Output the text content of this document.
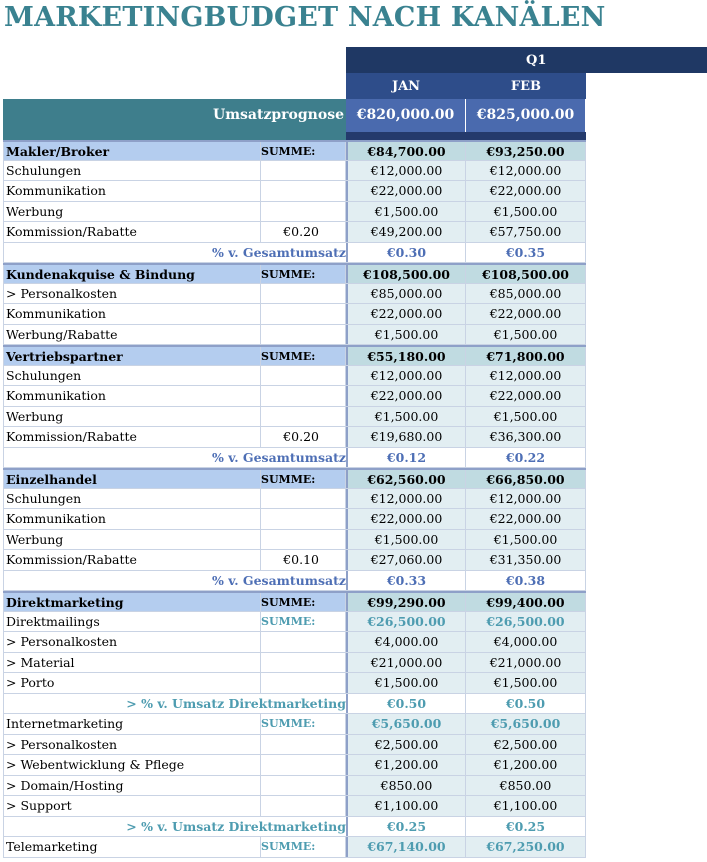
MARKETINGBUDGET NACH KANÄLEN
Q1
JAN	FEB
Umsatzprognose €820,000.00	€825,000.00
Makler/Broker	SUMME:	€84,700.00	€93,250.00
Schulungen	€12,000.00	€12,000.00
Kommunikation	€22,000.00	€22,000.00
Werbung	€1,500.00	€1,500.00
Kommission/Rabatte	€0.20	€49,200.00	€57,750.00
% v. Gesamtumsatz	€0.30	€0.35
Kundenakquise & Bindung	SUMME:	€108,500.00	€108,500.00
> Personalkosten	€85,000.00	€85,000.00
Kommunikation	€22,000.00	€22,000.00
Werbung/Rabatte	€1,500.00	€1,500.00
Vertriebspartner	SUMME:	€55,180.00	€71,800.00
Schulungen	€12,000.00	€12,000.00
Kommunikation	€22,000.00	€22,000.00
Werbung	€1,500.00	€1,500.00
Kommission/Rabatte	€0.20	€19,680.00	€36,300.00
% v. Gesamtumsatz	€0.12	€0.22
Einzelhandel	SUMME:	€62,560.00	€66,850.00
Schulungen	€12,000.00	€12,000.00
Kommunikation	€22,000.00	€22,000.00
Werbung	€1,500.00	€1,500.00
Kommission/Rabatte	€0.10	€27,060.00	€31,350.00
% v. Gesamtumsatz	€0.33	€0.38
Direktmarketing	SUMME:	€99,290.00	€99,400.00
Direktmailings	SUMME:	€26,500.00	€26,500.00
> Personalkosten	€4,000.00	€4,000.00
> Material	€21,000.00	€21,000.00
> Porto	€1,500.00	€1,500.00
> % v. Umsatz Direktmarketing	€0.50	€0.50
Internetmarketing	SUMME:	€5,650.00	€5,650.00
> Personalkosten	€2,500.00	€2,500.00
> Webentwicklung & Pflege	€1,200.00	€1,200.00
> Domain/Hosting	€850.00	€850.00
> Support	€1,100.00	€1,100.00
> % v. Umsatz Direktmarketing	€0.25	€0.25
Telemarketing	SUMME:	€67,140.00	€67,250.00
